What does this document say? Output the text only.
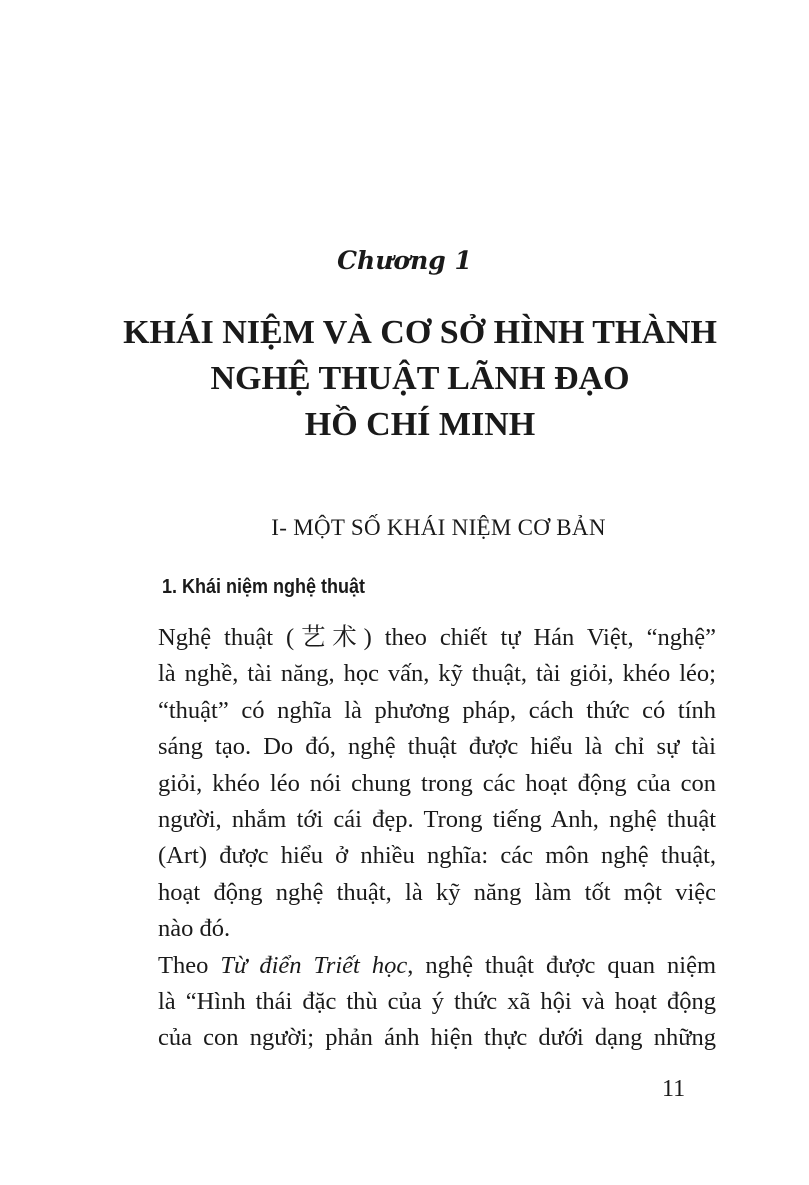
Chương 1
KHÁI NIỆM VÀ CƠ SỞ HÌNH THÀNH
NGHỆ THUẬT LÃNH ĐẠO
HỒ CHÍ MINH
I- MỘT SỐ KHÁI NIỆM CƠ BẢN
1. Khái niệm nghệ thuật

Nghệ thuật (艺术) theo chiết tự Hán Việt, “nghệ”
là nghề, tài năng, học vấn, kỹ thuật, tài giỏi, khéo léo;
“thuật” có nghĩa là phương pháp, cách thức có tính
sáng tạo. Do đó, nghệ thuật được hiểu là chỉ sự tài
giỏi, khéo léo nói chung trong các hoạt động của con
người, nhắm tới cái đẹp. Trong tiếng Anh, nghệ thuật
(Art) được hiểu ở nhiều nghĩa: các môn nghệ thuật,
hoạt động nghệ thuật, là kỹ năng làm tốt một việc
nào đó.

Theo Từ điển Triết học, nghệ thuật được quan niệm
là “Hình thái đặc thù của ý thức xã hội và hoạt động
của con người; phản ánh hiện thực dưới dạng những

11
